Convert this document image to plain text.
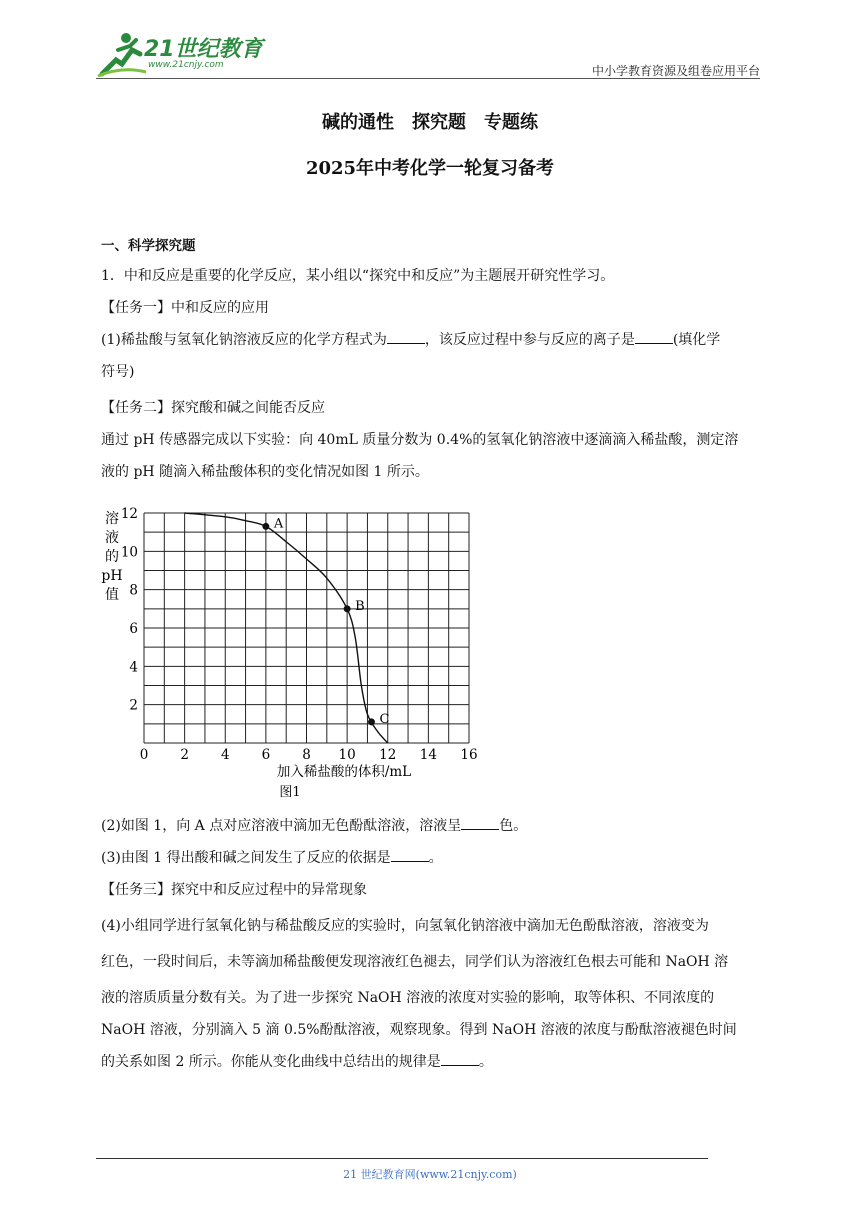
21世纪教育
www.21cnjy.com	中小学教育资源及组卷应用平台
碱的通性　探究题　专题练
2025年中考化学一轮复习备考

一、科学探究题

1．中和反应是重要的化学反应，某小组以“探究中和反应”为主题展开研究性学习。

【任务一】中和反应的应用

(1)稀盐酸与氢氧化钠溶液反应的化学方程式为	，该反应过程中参与反应的离子是	(填化学

符号)

【任务二】探究酸和碱之间能否反应

通过 pH 传感器完成以下实验：向 40mL 质量分数为 0.4%的氢氧化钠溶液中逐滴滴入稀盐酸，测定溶

液的 pH 随滴入稀盐酸体积的变化情况如图 1 所示。

溶
液
的
pH
值
2
4
6
8
10
12
0 2 4 6 8 10 12 14 16
A
B
C
加入稀盐酸的体积/mL
图1

(2)如图 1，向 A 点对应溶液中滴加无色酚酞溶液，溶液呈	色。

(3)由图 1 得出酸和碱之间发生了反应的依据是	。

【任务三】探究中和反应过程中的异常现象

(4)小组同学进行氢氧化钠与稀盐酸反应的实验时，向氢氧化钠溶液中滴加无色酚酞溶液，溶液变为

红色，一段时间后，未等滴加稀盐酸便发现溶液红色褪去，同学们认为溶液红色根去可能和 NaOH 溶

液的溶质质量分数有关。为了进一步探究 NaOH 溶液的浓度对实验的影响，取等体积、不同浓度的

NaOH 溶液，分别滴入 5 滴 0.5%酚酞溶液，观察现象。得到 NaOH 溶液的浓度与酚酞溶液褪色时间

的关系如图 2 所示。你能从变化曲线中总结出的规律是	。

21 世纪教育网(www.21cnjy.com)
